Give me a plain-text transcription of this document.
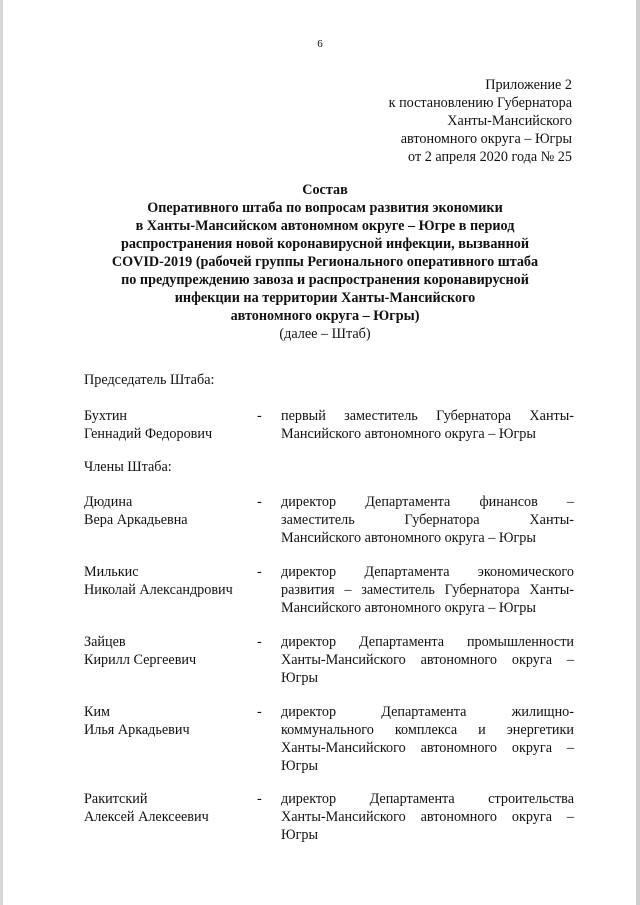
6
Приложение 2
к постановлению Губернатора
Ханты-Мансийского
автономного округа – Югры
от 2 апреля 2020 года № 25
Состав
Оперативного штаба по вопросам развития экономики
в Ханты-Мансийском автономном округе – Югре в период
распространения новой коронавирусной инфекции, вызванной
COVID-2019 (рабочей группы Регионального оперативного штаба
по предупреждению завоза и распространения коронавирусной
инфекции на территории Ханты-Мансийского
автономного округа – Югры)
(далее – Штаб)
Председатель Штаба:
Бухтин
Геннадий Федорович
- первый заместитель Губернатора Ханты-
Мансийского автономного округа – Югры
Члены Штаба:
Дюдина
Вера Аркадьевна
- директор Департамента финансов –
заместитель Губернатора Ханты-
Мансийского автономного округа – Югры
Милькис
Николай Александрович
- директор Департамента экономического
развития – заместитель Губернатора Ханты-
Мансийского автономного округа – Югры
Зайцев
Кирилл Сергеевич
- директор Департамента промышленности
Ханты-Мансийского автономного округа –
Югры
Ким
Илья Аркадьевич
- директор Департамента жилищно-
коммунального комплекса и энергетики
Ханты-Мансийского автономного округа –
Югры
Ракитский
Алексей Алексеевич
- директор Департамента строительства
Ханты-Мансийского автономного округа –
Югры
